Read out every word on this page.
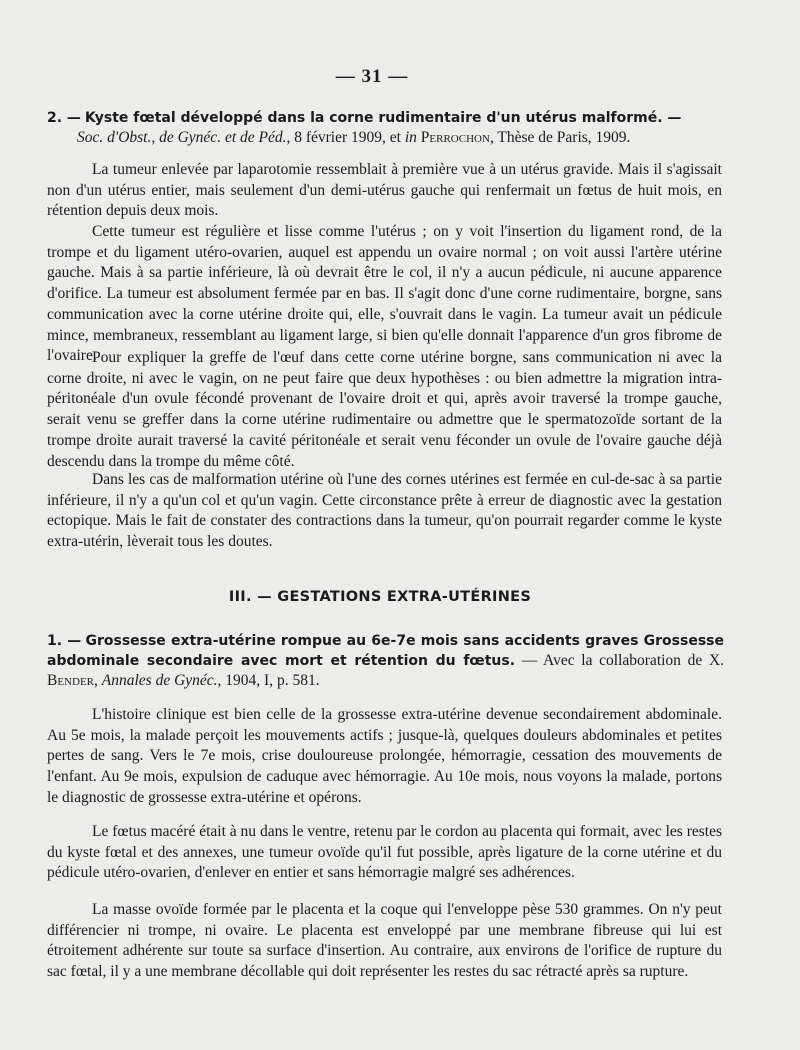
— 31 —
2. — Kyste fœtal développé dans la corne rudimentaire d'un utérus malformé. —
Soc. d'Obst., de Gynéc. et de Péd., 8 février 1909, et in Perrochon, Thèse de Paris, 1909.

La tumeur enlevée par laparotomie ressemblait à première vue à un utérus gravide. Mais il s'agissait non d'un utérus entier, mais seulement d'un demi-utérus gauche qui renfermait un fœtus de huit mois, en rétention depuis deux mois.

Cette tumeur est régulière et lisse comme l'utérus ; on y voit l'insertion du ligament rond, de la trompe et du ligament utéro-ovarien, auquel est appendu un ovaire normal ; on voit aussi l'artère utérine gauche. Mais à sa partie inférieure, là où devrait être le col, il n'y a aucun pédicule, ni aucune apparence d'orifice. La tumeur est absolument fermée par en bas. Il s'agit donc d'une corne rudimentaire, borgne, sans communication avec la corne utérine droite qui, elle, s'ouvrait dans le vagin. La tumeur avait un pédicule mince, membraneux, ressemblant au ligament large, si bien qu'elle donnait l'apparence d'un gros fibrome de l'ovaire.

Pour expliquer la greffe de l'œuf dans cette corne utérine borgne, sans communication ni avec la corne droite, ni avec le vagin, on ne peut faire que deux hypothèses : ou bien admettre la migration intra-péritonéale d'un ovule fécondé provenant de l'ovaire droit et qui, après avoir traversé la trompe gauche, serait venu se greffer dans la corne utérine rudimentaire ou admettre que le spermatozoïde sortant de la trompe droite aurait traversé la cavité péritonéale et serait venu féconder un ovule de l'ovaire gauche déjà descendu dans la trompe du même côté.

Dans les cas de malformation utérine où l'une des cornes utérines est fermée en cul-de-sac à sa partie inférieure, il n'y a qu'un col et qu'un vagin. Cette circonstance prête à erreur de diagnostic avec la gestation ectopique. Mais le fait de constater des contractions dans la tumeur, qu'on pourrait regarder comme le kyste extra-utérin, lèverait tous les doutes.

III. — GESTATIONS EXTRA-UTÉRINES
1. — Grossesse extra-utérine rompue au 6e-7e mois sans accidents graves Grossesse abdominale secondaire avec mort et rétention du fœtus. — Avec la collaboration de X. Bender, Annales de Gynéc., 1904, I, p. 581.

L'histoire clinique est bien celle de la grossesse extra-utérine devenue secondairement abdominale. Au 5e mois, la malade perçoit les mouvements actifs ; jusque-là, quelques douleurs abdominales et petites pertes de sang. Vers le 7e mois, crise douloureuse prolongée, hémorragie, cessation des mouvements de l'enfant. Au 9e mois, expulsion de caduque avec hémorragie. Au 10e mois, nous voyons la malade, portons le diagnostic de grossesse extra-utérine et opérons.

Le fœtus macéré était à nu dans le ventre, retenu par le cordon au placenta qui formait, avec les restes du kyste fœtal et des annexes, une tumeur ovoïde qu'il fut possible, après ligature de la corne utérine et du pédicule utéro-ovarien, d'enlever en entier et sans hémorragie malgré ses adhérences.

La masse ovoïde formée par le placenta et la coque qui l'enveloppe pèse 530 grammes. On n'y peut différencier ni trompe, ni ovaire. Le placenta est enveloppé par une membrane fibreuse qui lui est étroitement adhérente sur toute sa surface d'insertion. Au contraire, aux environs de l'orifice de rupture du sac fœtal, il y a une membrane décollable qui doit représenter les restes du sac rétracté après sa rupture.
